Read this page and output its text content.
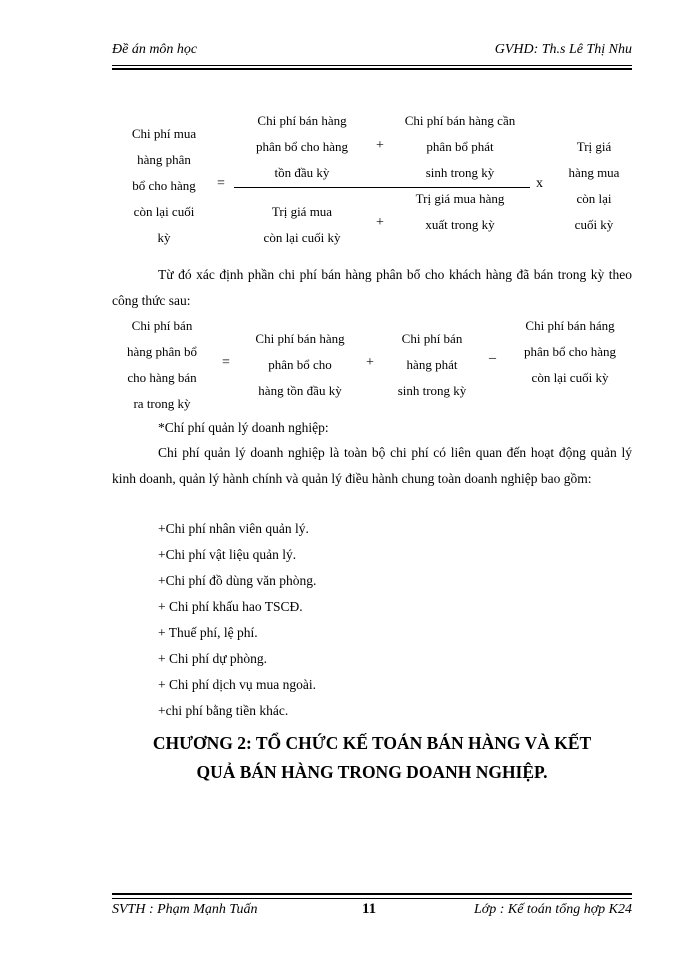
Đề án môn học	GVHD: Th.s Lê Thị Nhu
Chi phí mua
hàng phân
bổ cho hàng
còn lại cuối
kỳ
=
Chi phí bán hàng
phân bổ cho hàng
tồn đầu kỳ
+
Chi phí bán hàng cần
phân bổ phát
sinh trong kỳ
Trị giá mua
còn lại cuối kỳ
+
Trị giá mua hàng
xuất trong kỳ
x
Trị giá
hàng mua
còn lại
cuối kỳ
Từ đó xác định phần chi phí bán hàng phân bổ cho khách hàng đã bán trong kỳ theo công thức sau:
Chi phí bán
hàng phân bổ
cho hàng bán
ra trong kỳ
=
Chi phí bán hàng
phân bổ cho
hàng tồn đầu kỳ
+
Chi phí bán
hàng phát
sinh trong kỳ
_
Chi phí bán háng
phân bổ cho hàng
còn lại cuối kỳ
*Chí phí quản lý doanh nghiệp:
Chi phí quản lý doanh nghiệp là toàn bộ chi phí có liên quan đến hoạt động quản lý kinh doanh, quản lý hành chính và quản lý điều hành chung toàn doanh nghiệp bao gồm:
+Chi phí nhân viên quản lý.
+Chi phí vật liệu quản lý.
+Chi phí đồ dùng văn phòng.
+ Chi phí khấu hao TSCĐ.
+ Thuế phí, lệ phí.
+ Chi phí dự phòng.
+ Chi phí dịch vụ mua ngoài.
+chi phí bằng tiền khác.
CHƯƠNG 2: TỔ CHỨC KẾ TOÁN BÁN HÀNG VÀ KẾT
QUẢ BÁN HÀNG TRONG DOANH NGHIỆP.
SVTH : Phạm Mạnh Tuấn	11	Lớp : Kế toán tổng hợp K24
